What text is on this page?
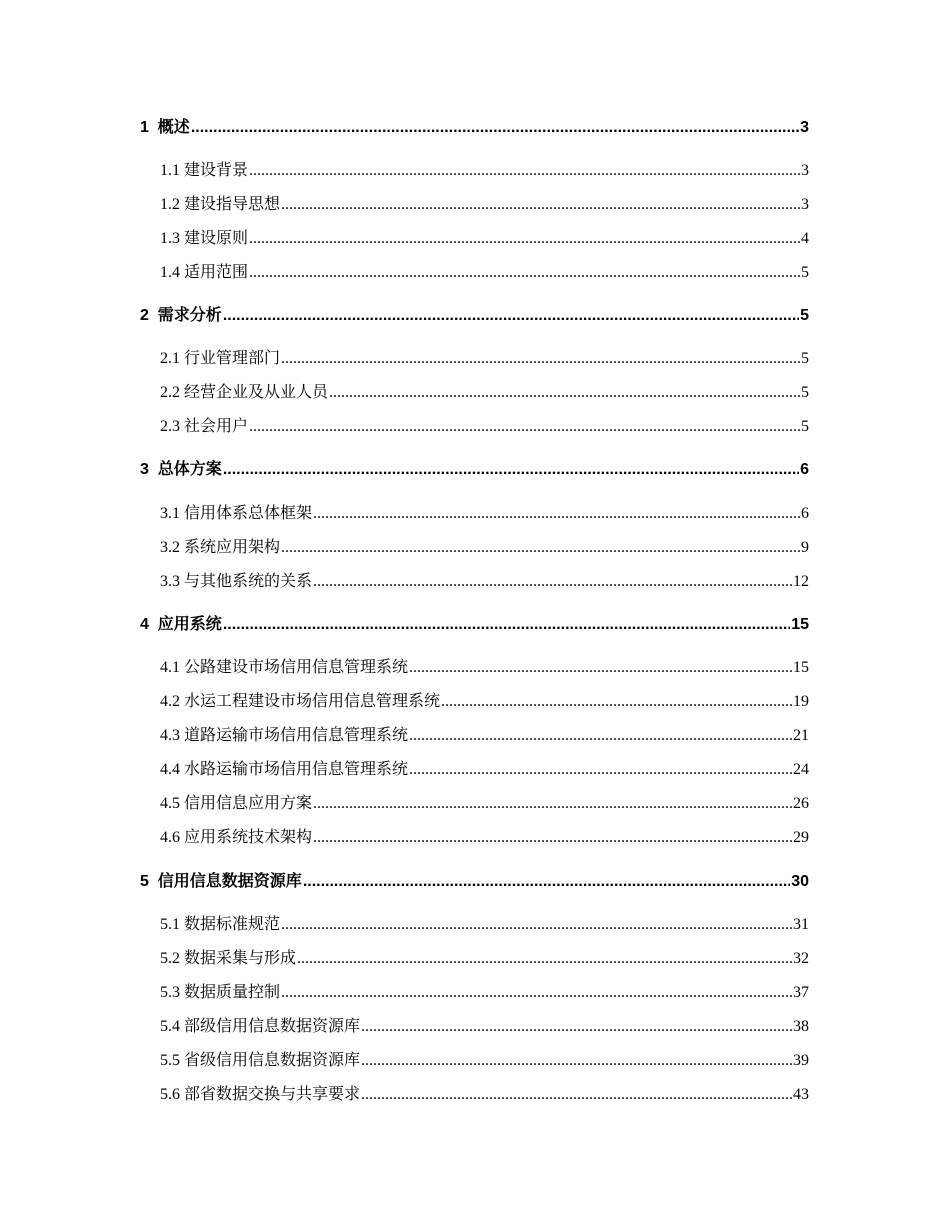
1 概述 .....	3
1.1 建设背景 .....	3
1.2 建设指导思想 .....	3
1.3 建设原则 .....	4
1.4 适用范围 .....	5
2 需求分析 .....	5
2.1 行业管理部门 .....	5
2.2 经营企业及从业人员 .....	5
2.3 社会用户 .....	5
3 总体方案 .....	6
3.1 信用体系总体框架 .....	6
3.2 系统应用架构 .....	9
3.3 与其他系统的关系 .....	12
4 应用系统 .....	15
4.1 公路建设市场信用信息管理系统 .....	15
4.2 水运工程建设市场信用信息管理系统 .....	19
4.3 道路运输市场信用信息管理系统 .....	21
4.4 水路运输市场信用信息管理系统 .....	24
4.5 信用信息应用方案 .....	26
4.6 应用系统技术架构 .....	29
5 信用信息数据资源库 .....	30
5.1 数据标准规范 .....	31
5.2 数据采集与形成 .....	32
5.3 数据质量控制 .....	37
5.4 部级信用信息数据资源库 .....	38
5.5 省级信用信息数据资源库 .....	39
5.6 部省数据交换与共享要求 .....	43
